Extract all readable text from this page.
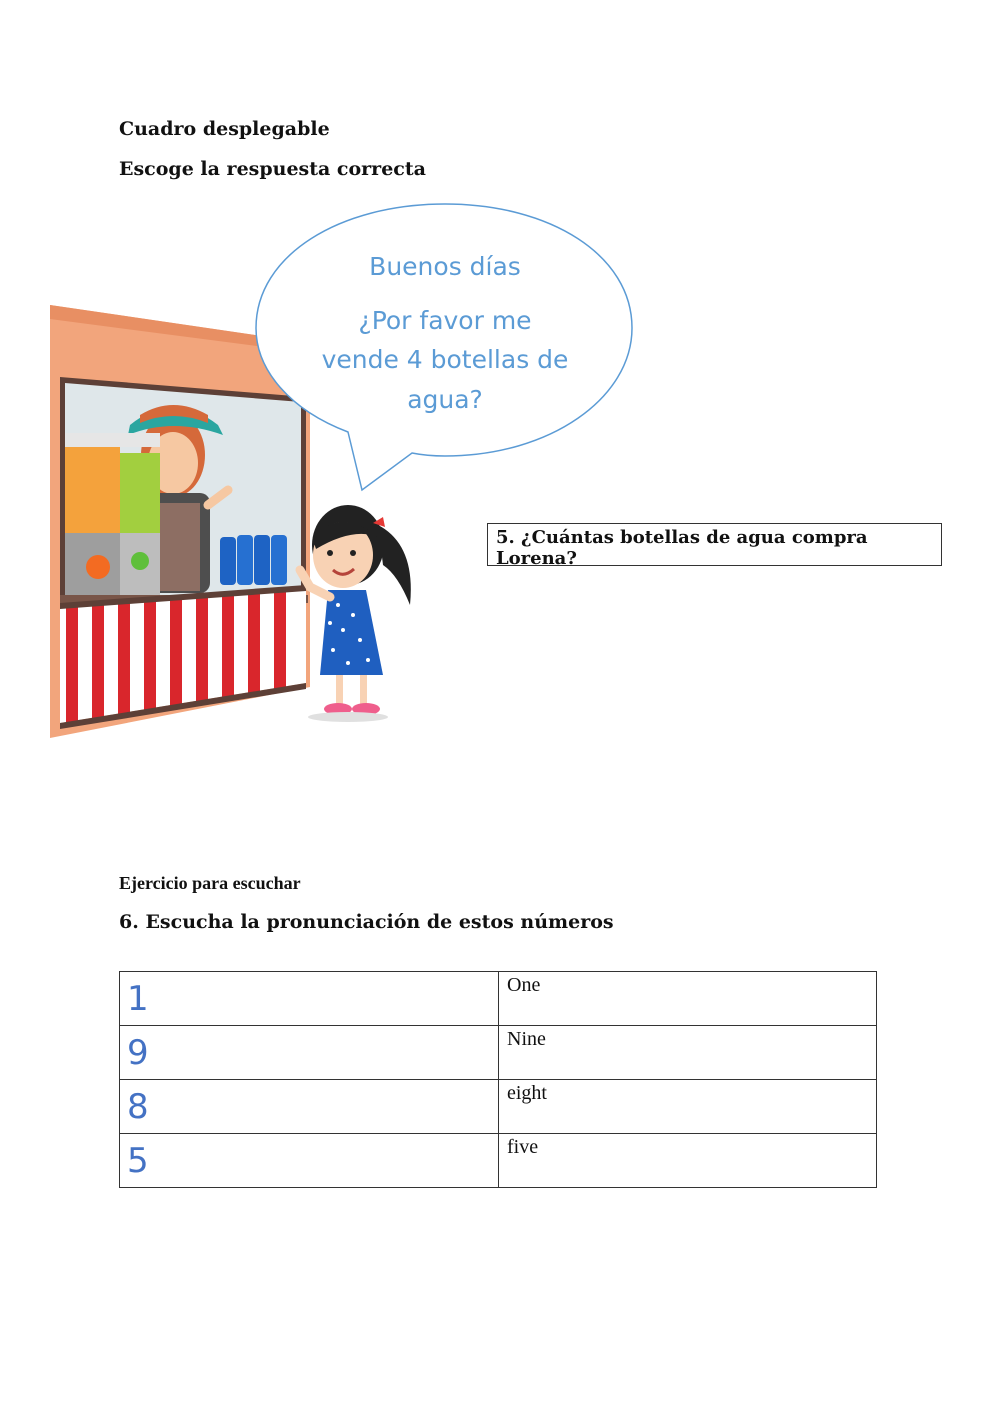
Cuadro desplegable
Escoge la respuesta correcta
Buenos días
¿Por favor me
vende 4 botellas de
agua?
5. ¿Cuántas botellas de agua compra Lorena?
Ejercicio para escuchar
6. Escucha la pronunciación de estos números
1	One

9	Nine

8	eight

5	five
